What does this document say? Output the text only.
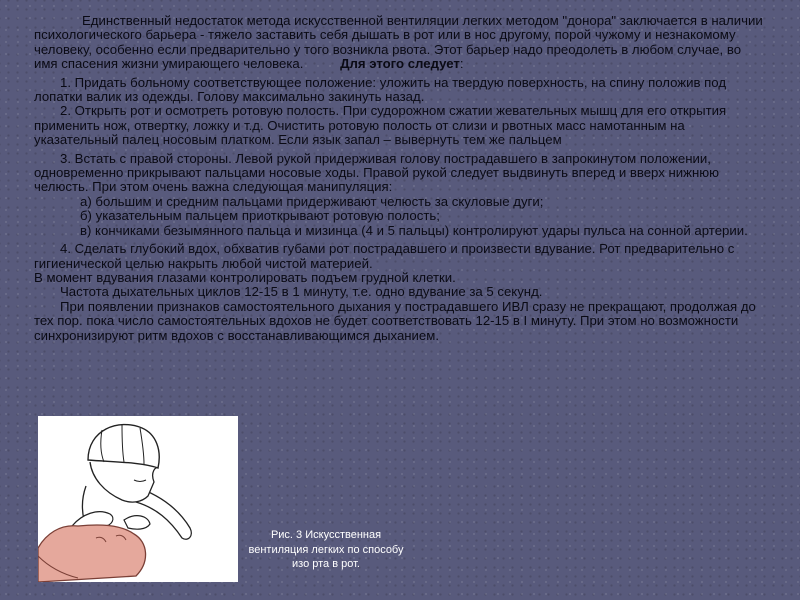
Единственный недостаток метода искусственной вентиляции легких методом "донора" заключается в наличии психологического барьера - тяжело заставить себя дышать в рот или в нос другому, порой чужому и незнакомому человеку, особенно если предварительно у того возникла рвота. Этот барьер надо преодолеть в любом случае, во имя спасения жизни умирающего человека.	Для этого следует:

1. Придать больному соответствующее положение: уложить на твердую поверхность, на спину положив под лопатки валик из одежды. Голову максимально закинуть назад.

2. Открыть рот и осмотреть ротовую полость. При судорожном сжатии жевательных мышц для его открытия применить нож, отвертку, ложку и т.д. Очистить ротовую полость от слизи и рвотных масс намотанным на указательный палец носовым платком. Если язык запал – вывернуть тем же пальцем

3. Встать с правой стороны. Левой рукой придерживая голову пострадавшего в запрокинутом положении, одновременно прикрывают пальцами носовые ходы. Правой рукой следует выдвинуть вперед и вверх нижнюю челюсть. При этом очень важна следующая манипуляция:

а) большим и средним пальцами придерживают челюсть за скуловые дуги;

б) указательным пальцем приоткрывают ротовую полость;

в) кончиками безымянного пальца и мизинца (4 и 5 пальцы) контролируют удары пульса на сонной артерии.

4. Сделать глубокий вдох, обхватив губами рот пострадавшего и произвести вдувание. Рот предварительно с гигиенической целью накрыть любой чистой материей.

В момент вдувания глазами контролировать подъем грудной клетки.

Частота дыхательных циклов 12-15 в 1 минуту, т.е. одно вдувание за 5 секунд.

При появлении признаков самостоятельного дыхания у пострадавшего ИВЛ сразу не прекращают, продолжая до тех пор. пока число самостоятельных вдохов не будет соответствовать 12-15 в I минуту. При этом но возможности синхронизируют ритм вдохов с восстанавливающимся дыханием.

Рис. 3 Искусственная вентиляция легких по способу изо рта в рот.
